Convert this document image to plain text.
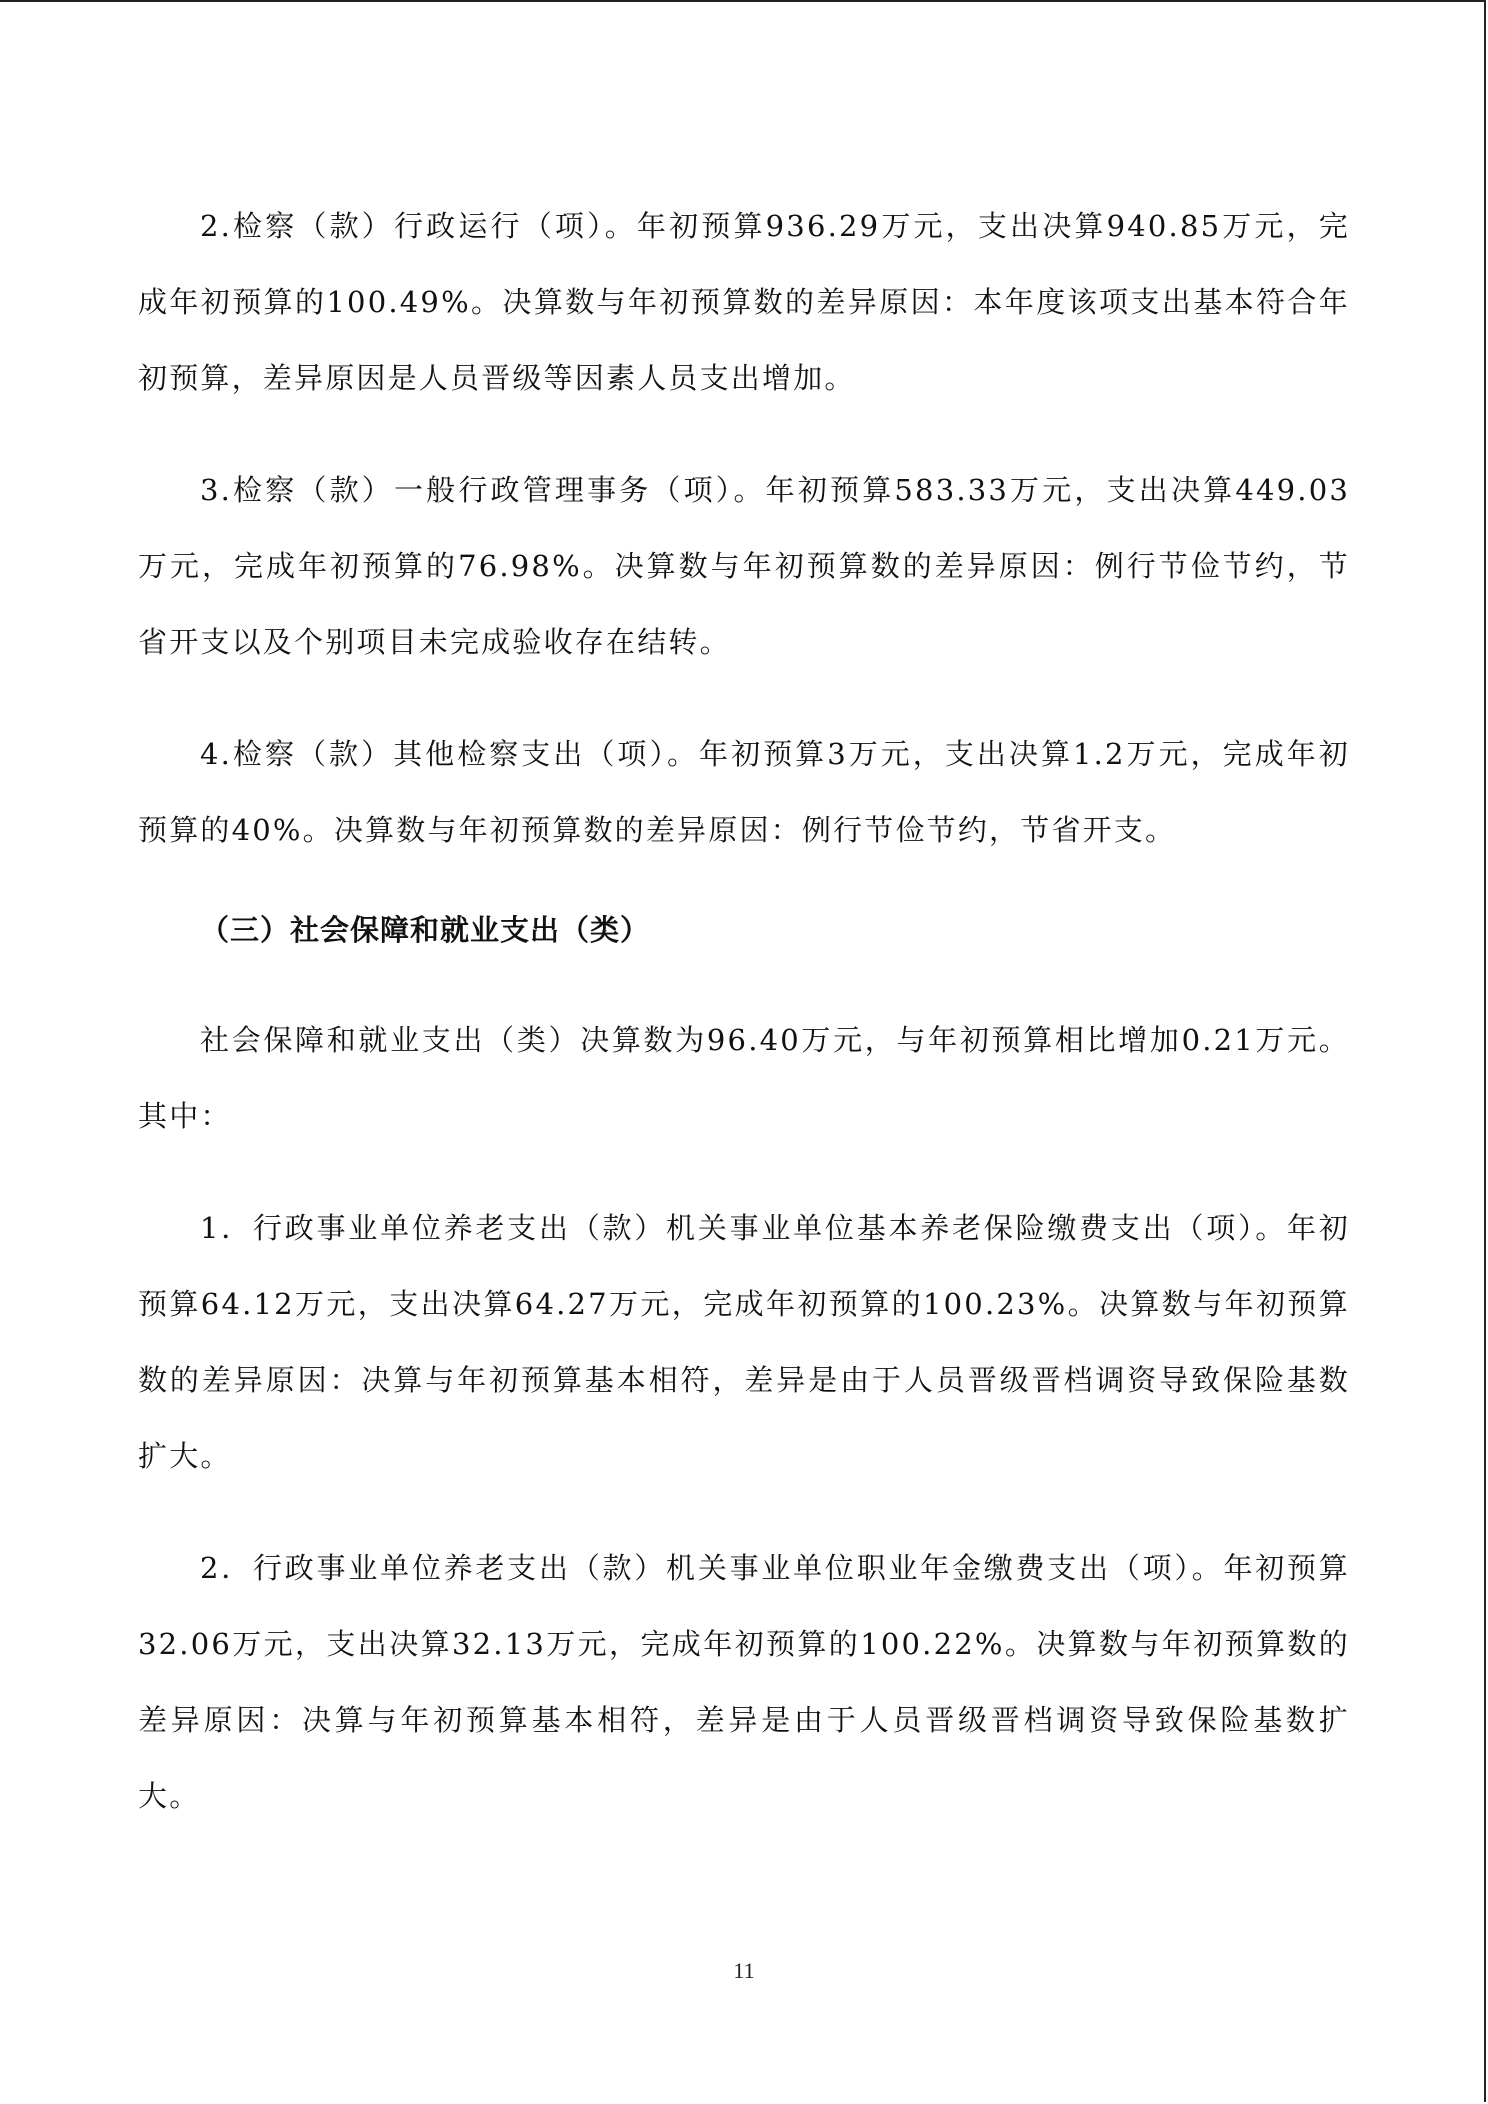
2.检察（款）行政运行（项）。年初预算936.29万元，支出决算940.85万元，完成年初预算的100.49%。决算数与年初预算数的差异原因：本年度该项支出基本符合年初预算，差异原因是人员晋级等因素人员支出增加。

3.检察（款）一般行政管理事务（项）。年初预算583.33万元，支出决算449.03万元，完成年初预算的76.98%。决算数与年初预算数的差异原因：例行节俭节约，节省开支以及个别项目未完成验收存在结转。

4.检察（款）其他检察支出（项）。年初预算3万元，支出决算1.2万元，完成年初预算的40%。决算数与年初预算数的差异原因：例行节俭节约，节省开支。

（三）社会保障和就业支出（类）

社会保障和就业支出（类）决算数为96.40万元，与年初预算相比增加0.21万元。其中：

1．行政事业单位养老支出（款）机关事业单位基本养老保险缴费支出（项）。年初预算64.12万元，支出决算64.27万元，完成年初预算的100.23%。决算数与年初预算数的差异原因：决算与年初预算基本相符，差异是由于人员晋级晋档调资导致保险基数扩大。

2．行政事业单位养老支出（款）机关事业单位职业年金缴费支出（项）。年初预算32.06万元，支出决算32.13万元，完成年初预算的100.22%。决算数与年初预算数的差异原因：决算与年初预算基本相符，差异是由于人员晋级晋档调资导致保险基数扩大。

11
